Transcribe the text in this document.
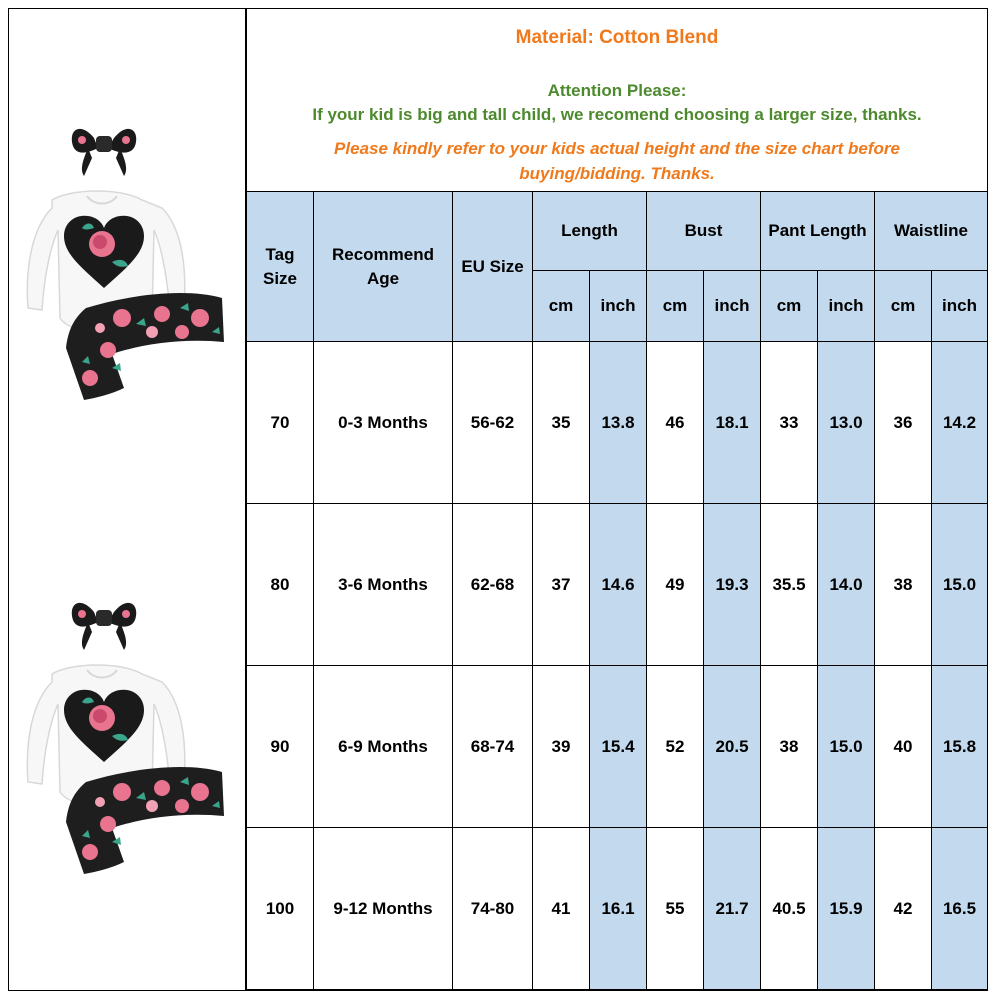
Material: Cotton Blend
Attention Please:
If your kid is big and tall child, we recomend choosing a larger size, thanks.
Please kindly refer to your kids actual height and the size chart before buying/bidding. Thanks.
Tag Size	Recommend Age	EU Size	Length		Bust		Pant Length		Waistline	
			cm	inch	cm	inch	cm	inch	cm	inch
70	0-3 Months	56-62	35	13.8	46	18.1	33	13.0	36	14.2
80	3-6 Months	62-68	37	14.6	49	19.3	35.5	14.0	38	15.0
90	6-9 Months	68-74	39	15.4	52	20.5	38	15.0	40	15.8
100	9-12 Months	74-80	41	16.1	55	21.7	40.5	15.9	42	16.5
